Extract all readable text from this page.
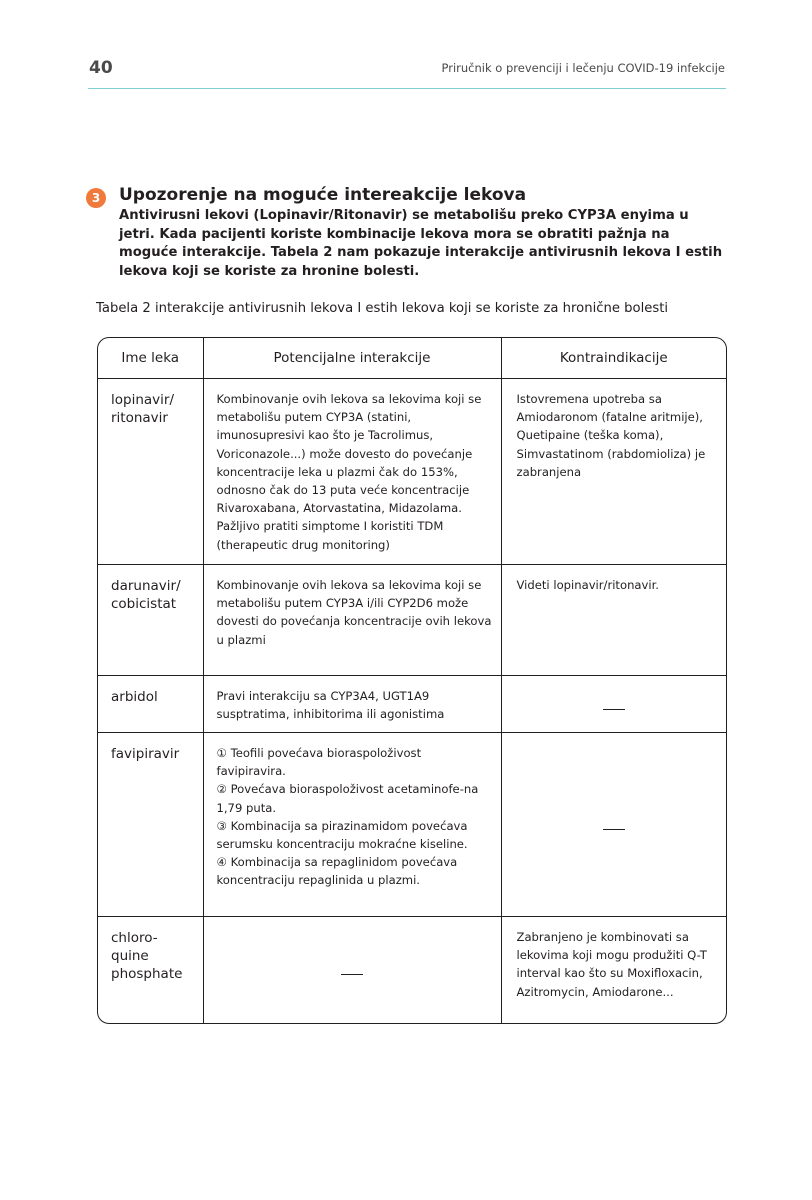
40	Priručnik o prevenciji i lečenju COVID-19 infekcije
3	Upozorenje na moguće intereakcije lekova
Antivirusni lekovi (Lopinavir/Ritonavir) se metabolišu preko CYP3A enyima u jetri. Kada pacijenti koriste kombinacije lekova mora se obratiti pažnja na moguće interakcije. Tabela 2 nam pokazuje interakcije antivirusnih lekova I estih lekova koji se koriste za hronine bolesti.
Tabela 2 interakcije antivirusnih lekova I estih lekova koji se koriste za hronične bolesti
Ime leka	Potencijalne interakcije	Kontraindikacije
lopinavir/ ritonavir	Kombinovanje ovih lekova sa lekovima koji se metabolišu putem CYP3A (statini, imunosupresivi kao što je Tacrolimus, Voriconazole...) može dovesto do povećanje koncentracije leka u plazmi čak do 153%, odnosno čak do 13 puta veće koncentracije Rivaroxabana, Atorvastatina, Midazolama. Pažljivo pratiti simptome I koristiti TDM (therapeutic drug monitoring)	Istovremena upotreba sa Amiodaronom (fatalne aritmije), Quetipaine (teška koma), Simvastatinom (rabdomioliza) je zabranjena
darunavir/ cobicistat	Kombinovanje ovih lekova sa lekovima koji se metabolišu putem CYP3A i/ili CYP2D6 može dovesti do povećanja koncentracije ovih lekova u plazmi	Videti lopinavir/ritonavir.
arbidol	Pravi interakciju sa CYP3A4, UGT1A9 susptratima, inhibitorima ili agonistima	
favipiravir	① Teofili povećava bioraspoloživost favipiravira.
② Povećava bioraspoloživost acetaminofe-na 1,79 puta.
③ Kombinacija sa pirazinamidom povećava serumsku koncentraciju mokraćne kiseline.
④ Kombinacija sa repaglinidom povećava koncentraciju repaglinida u plazmi.	

chloro- quine phosphate		Zabranjeno je kombinovati sa lekovima koji mogu produžiti Q-T interval kao što su Moxifloxacin, Azitromycin, Amiodarone...
